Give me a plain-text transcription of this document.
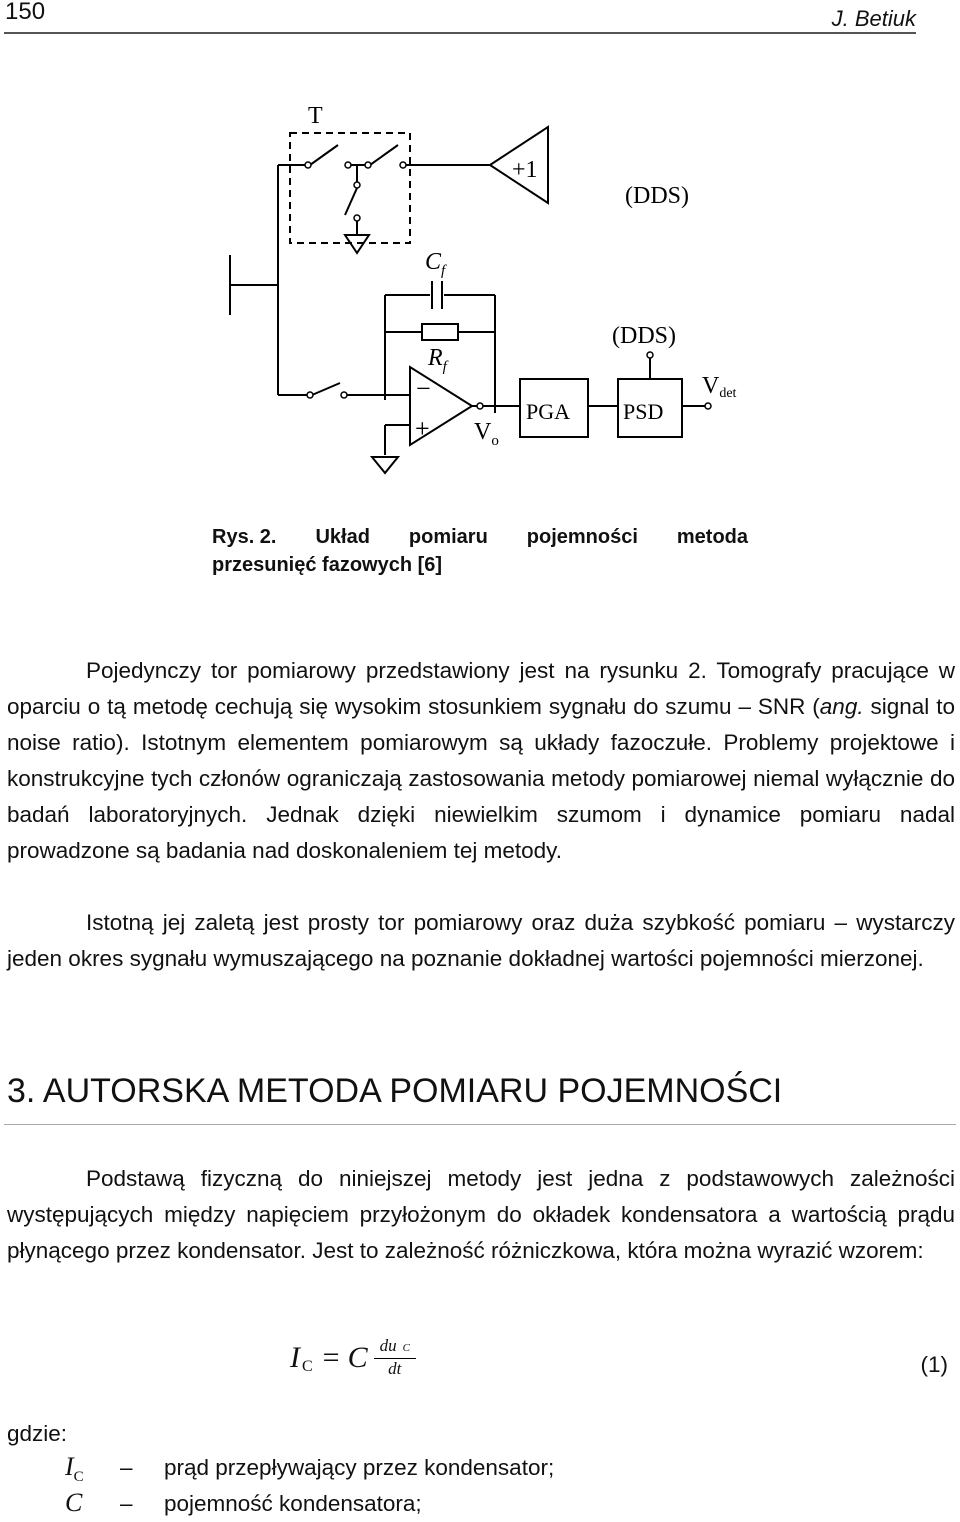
150	J. Betiuk
T
+1
(DDS)
$C_f$
$R_f$
−
+ $V_o$
PGA PSD
(DDS)
Vdet
Rys. 2. Układ pomiaru pojemności metoda
przesunięć fazowych [6]

Pojedynczy tor pomiarowy przedstawiony jest na rysunku 2. Tomografy pracujące w oparciu o tą metodę cechują się wysokim stosunkiem sygnału do szumu – SNR (ang. signal to noise ratio). Istotnym elementem pomiarowym są układy fazoczułe. Problemy projektowe i konstrukcyjne tych członów ograniczają zastosowania metody pomiarowej niemal wyłącznie do badań laboratoryjnych. Jednak dzięki niewielkim szumom i dynamice pomiaru nadal prowadzone są badania nad doskonaleniem tej metody.

Istotną jej zaletą jest prosty tor pomiarowy oraz duża szybkość pomiaru – wystarczy jeden okres sygnału wymuszającego na poznanie dokładnej wartości pojemności mierzonej.

3. AUTORSKA METODA POMIARU POJEMNOŚCI

Podstawą fizyczną do niniejszej metody jest jedna z podstawowych zależności występujących między napięciem przyłożonym do okładek kondensatora a wartością prądu płynącego przez kondensator. Jest to zależność różniczkowa, która można wyrazić wzorem:

I C = C $\frac{\text{du C}}{dt}$	(1)
gdzie:
$I_C$	–	prąd przepływający przez kondensator;
C	–	pojemność kondensatora;
